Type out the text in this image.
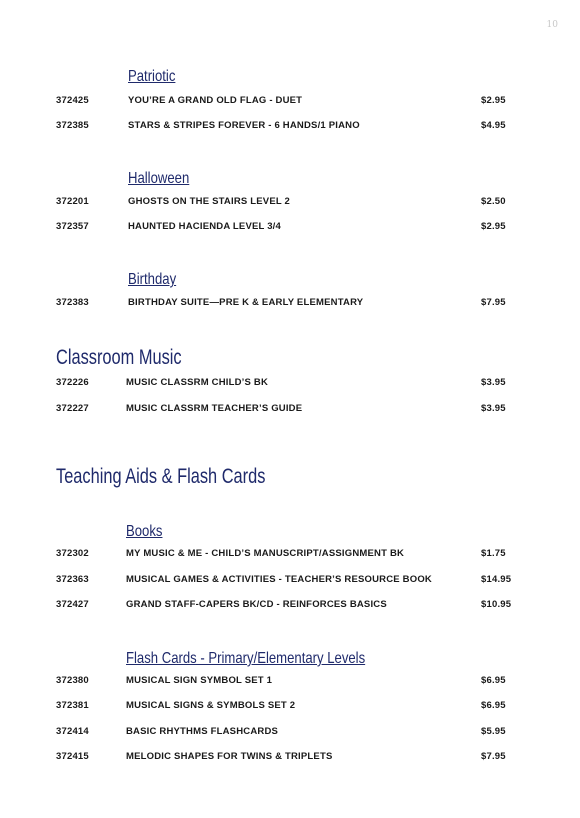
10
Patriotic
372425	YOU’RE A GRAND OLD FLAG - DUET	$2.95
372385	STARS & STRIPES FOREVER - 6 HANDS/1 PIANO	$4.95
Halloween
372201	GHOSTS ON THE STAIRS LEVEL 2	$2.50
372357	HAUNTED HACIENDA LEVEL 3/4	$2.95
Birthday
372383	BIRTHDAY SUITE—PRE K & EARLY ELEMENTARY	$7.95
Classroom Music
372226	MUSIC CLASSRM CHILD’S BK	$3.95
372227	MUSIC CLASSRM TEACHER’S GUIDE	$3.95
Teaching Aids & Flash Cards
Books
372302	MY MUSIC & ME - CHILD’S MANUSCRIPT/ASSIGNMENT BK	$1.75
372363	MUSICAL GAMES & ACTIVITIES - TEACHER’S RESOURCE BOOK	$14.95
372427	GRAND STAFF-CAPERS BK/CD - REINFORCES BASICS	$10.95
Flash Cards - Primary/Elementary Levels
372380	MUSICAL SIGN SYMBOL SET 1	$6.95
372381	MUSICAL SIGNS & SYMBOLS SET 2	$6.95
372414	BASIC RHYTHMS FLASHCARDS	$5.95
372415	MELODIC SHAPES FOR TWINS & TRIPLETS	$7.95
